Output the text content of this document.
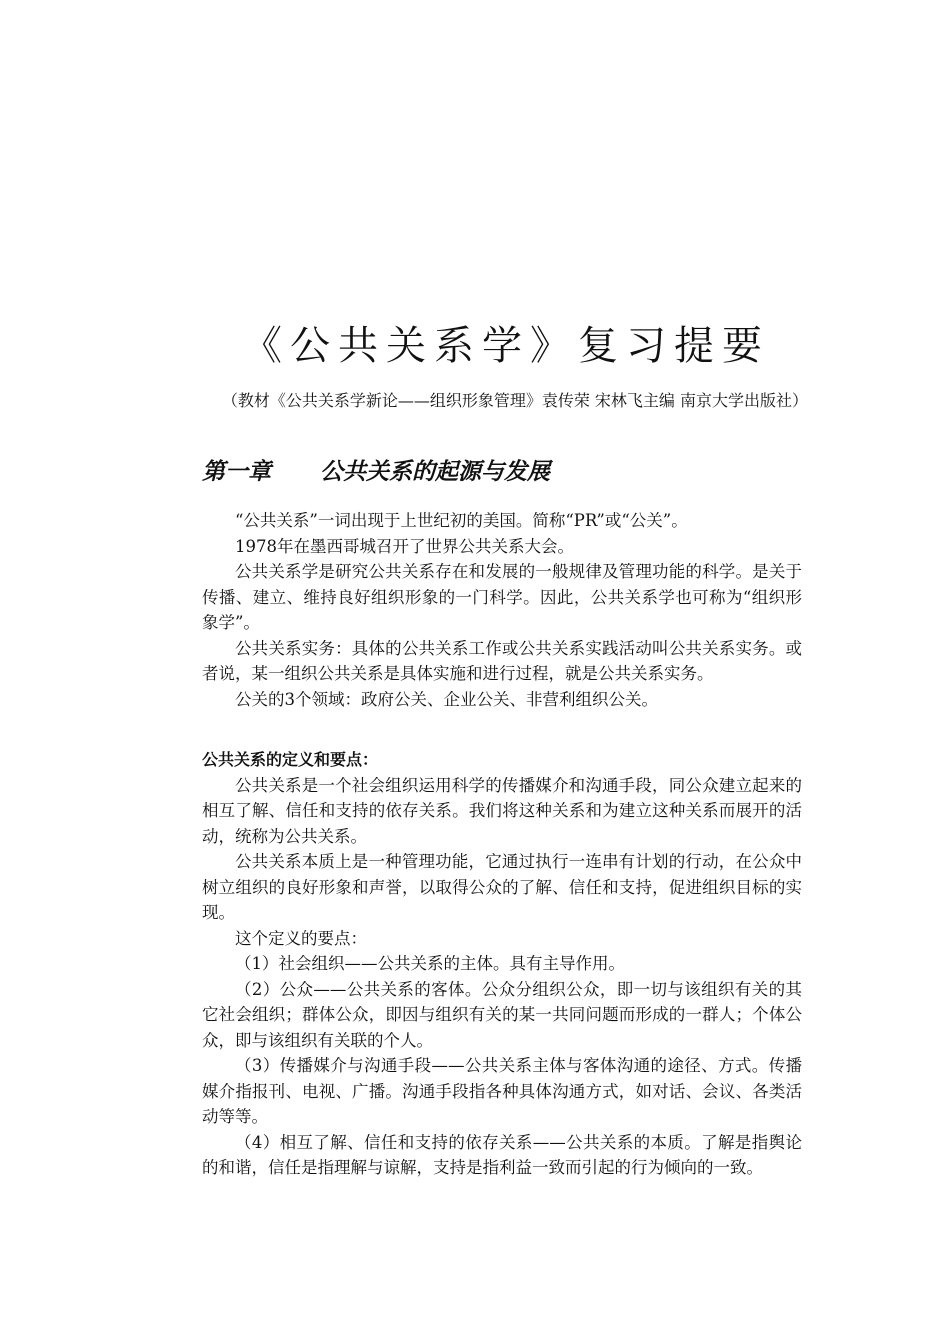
《公共关系学》复习提要

（教材《公共关系学新论——组织形象管理》袁传荣 宋林飞主编 南京大学出版社）

第一章 公共关系的起源与发展

“公共关系”一词出现于上世纪初的美国。简称“PR”或“公关”。

1978年在墨西哥城召开了世界公共关系大会。

公共关系学是研究公共关系存在和发展的一般规律及管理功能的科学。是关于传播、建立、维持良好组织形象的一门科学。因此，公共关系学也可称为“组织形象学”。

公共关系实务：具体的公共关系工作或公共关系实践活动叫公共关系实务。或者说，某一组织公共关系是具体实施和进行过程，就是公共关系实务。

公关的3个领域：政府公关、企业公关、非营利组织公关。

公共关系的定义和要点：

公共关系是一个社会组织运用科学的传播媒介和沟通手段，同公众建立起来的相互了解、信任和支持的依存关系。我们将这种关系和为建立这种关系而展开的活动，统称为公共关系。

公共关系本质上是一种管理功能，它通过执行一连串有计划的行动，在公众中树立组织的良好形象和声誉，以取得公众的了解、信任和支持，促进组织目标的实现。

这个定义的要点：

（1）社会组织——公共关系的主体。具有主导作用。

（2）公众——公共关系的客体。公众分组织公众，即一切与该组织有关的其它社会组织；群体公众，即因与组织有关的某一共同问题而形成的一群人；个体公众，即与该组织有关联的个人。

（3）传播媒介与沟通手段——公共关系主体与客体沟通的途径、方式。传播媒介指报刊、电视、广播。沟通手段指各种具体沟通方式，如对话、会议、各类活动等等。

（4）相互了解、信任和支持的依存关系——公共关系的本质。了解是指舆论的和谐，信任是指理解与谅解，支持是指利益一致而引起的行为倾向的一致。
